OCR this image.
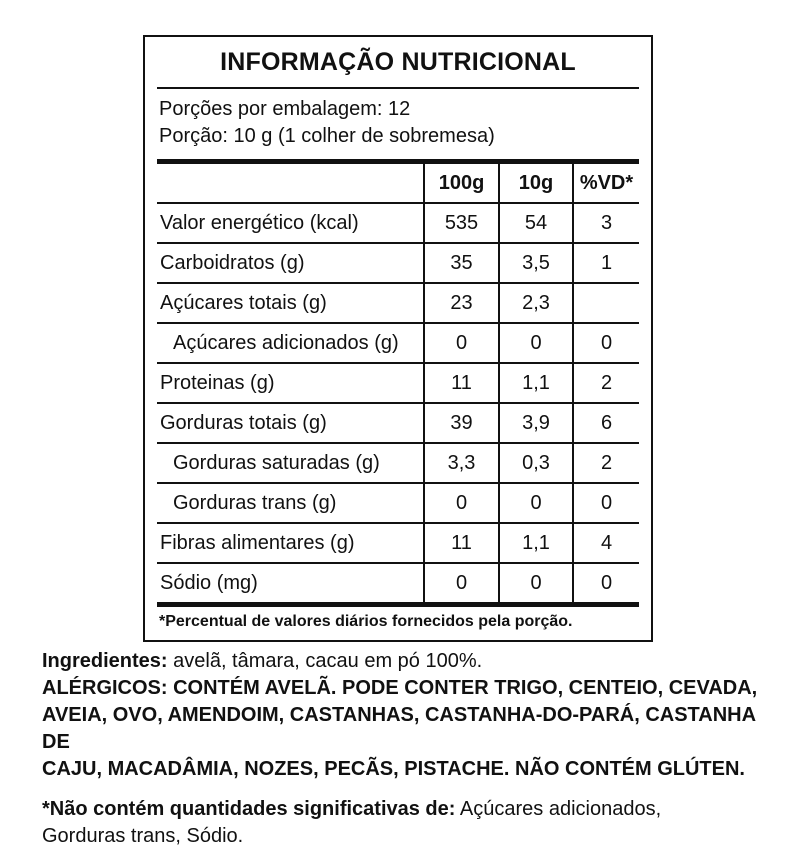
INFORMAÇÃO NUTRICIONAL
Porções por embalagem: 12
Porção: 10 g (1 colher de sobremesa)
100g	10g	%VD*
Valor energético (kcal)	535	54	3
Carboidratos (g)	35	3,5	1
Açúcares totais (g)	23	2,3
Açúcares adicionados (g)	0	0	0
Proteinas (g)	11	1,1	2
Gorduras totais (g)	39	3,9	6
Gorduras saturadas (g)	3,3	0,3	2
Gorduras trans (g)	0	0	0
Fibras alimentares (g)	11	1,1	4
Sódio (mg)	0	0	0
*Percentual de valores diários fornecidos pela porção.
Ingredientes: avelã, tâmara, cacau em pó 100%.
ALÉRGICOS: CONTÉM AVELÃ. PODE CONTER TRIGO, CENTEIO, CEVADA,
AVEIA, OVO, AMENDOIM, CASTANHAS, CASTANHA-DO-PARÁ, CASTANHA DE
CAJU, MACADÂMIA, NOZES, PECÃS, PISTACHE. NÃO CONTÉM GLÚTEN.
*Não contém quantidades significativas de: Açúcares adicionados,
Gorduras trans, Sódio.
